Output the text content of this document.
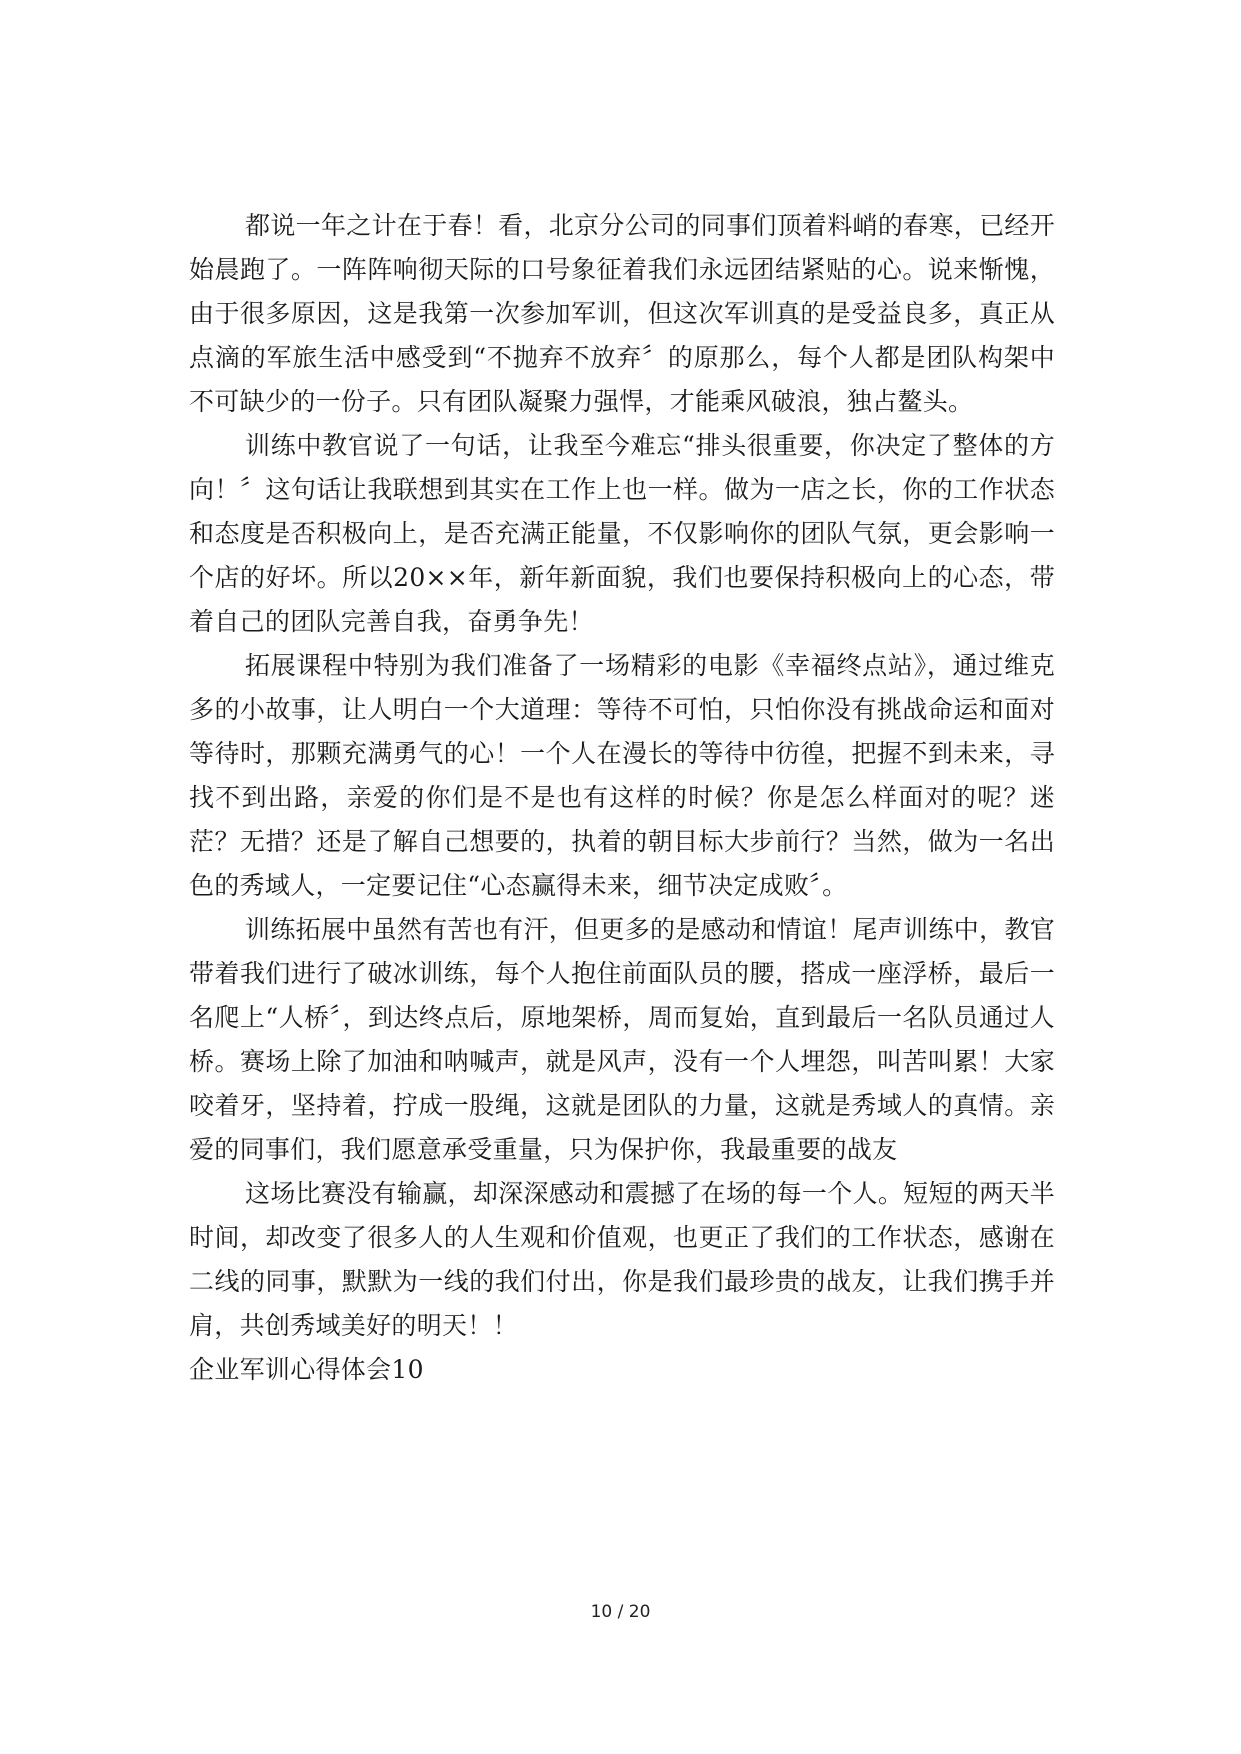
都说一年之计在于春！看，北京分公司的同事们顶着料峭的春寒，已经开始晨跑了。一阵阵响彻天际的口号象征着我们永远团结紧贴的心。说来惭愧，由于很多原因，这是我第一次参加军训，但这次军训真的是受益良多，真正从点滴的军旅生活中感受到“不抛弃不放弃〞的原那么，每个人都是团队构架中不可缺少的一份子。只有团队凝聚力强悍，才能乘风破浪，独占鳌头。

训练中教官说了一句话，让我至今难忘“排头很重要，你决定了整体的方向！〞这句话让我联想到其实在工作上也一样。做为一店之长，你的工作状态和态度是否积极向上，是否充满正能量，不仅影响你的团队气氛，更会影响一个店的好坏。所以20××年，新年新面貌，我们也要保持积极向上的心态，带着自己的团队完善自我，奋勇争先！

拓展课程中特别为我们准备了一场精彩的电影《幸福终点站》，通过维克多的小故事，让人明白一个大道理：等待不可怕，只怕你没有挑战命运和面对等待时，那颗充满勇气的心！一个人在漫长的等待中彷徨，把握不到未来，寻找不到出路，亲爱的你们是不是也有这样的时候？你是怎么样面对的呢？迷茫？无措？还是了解自己想要的，执着的朝目标大步前行？当然，做为一名出色的秀域人，一定要记住“心态赢得未来，细节决定成败〞。

训练拓展中虽然有苦也有汗，但更多的是感动和情谊！尾声训练中，教官带着我们进行了破冰训练，每个人抱住前面队员的腰，搭成一座浮桥，最后一名爬上“人桥〞，到达终点后，原地架桥，周而复始，直到最后一名队员通过人桥。赛场上除了加油和呐喊声，就是风声，没有一个人埋怨，叫苦叫累！大家咬着牙，坚持着，拧成一股绳，这就是团队的力量，这就是秀域人的真情。亲爱的同事们，我们愿意承受重量，只为保护你，我最重要的战友

这场比赛没有输赢，却深深感动和震撼了在场的每一个人。短短的两天半时间，却改变了很多人的人生观和价值观，也更正了我们的工作状态，感谢在二线的同事，默默为一线的我们付出，你是我们最珍贵的战友，让我们携手并肩，共创秀域美好的明天！！

企业军训心得体会10

10 / 20
